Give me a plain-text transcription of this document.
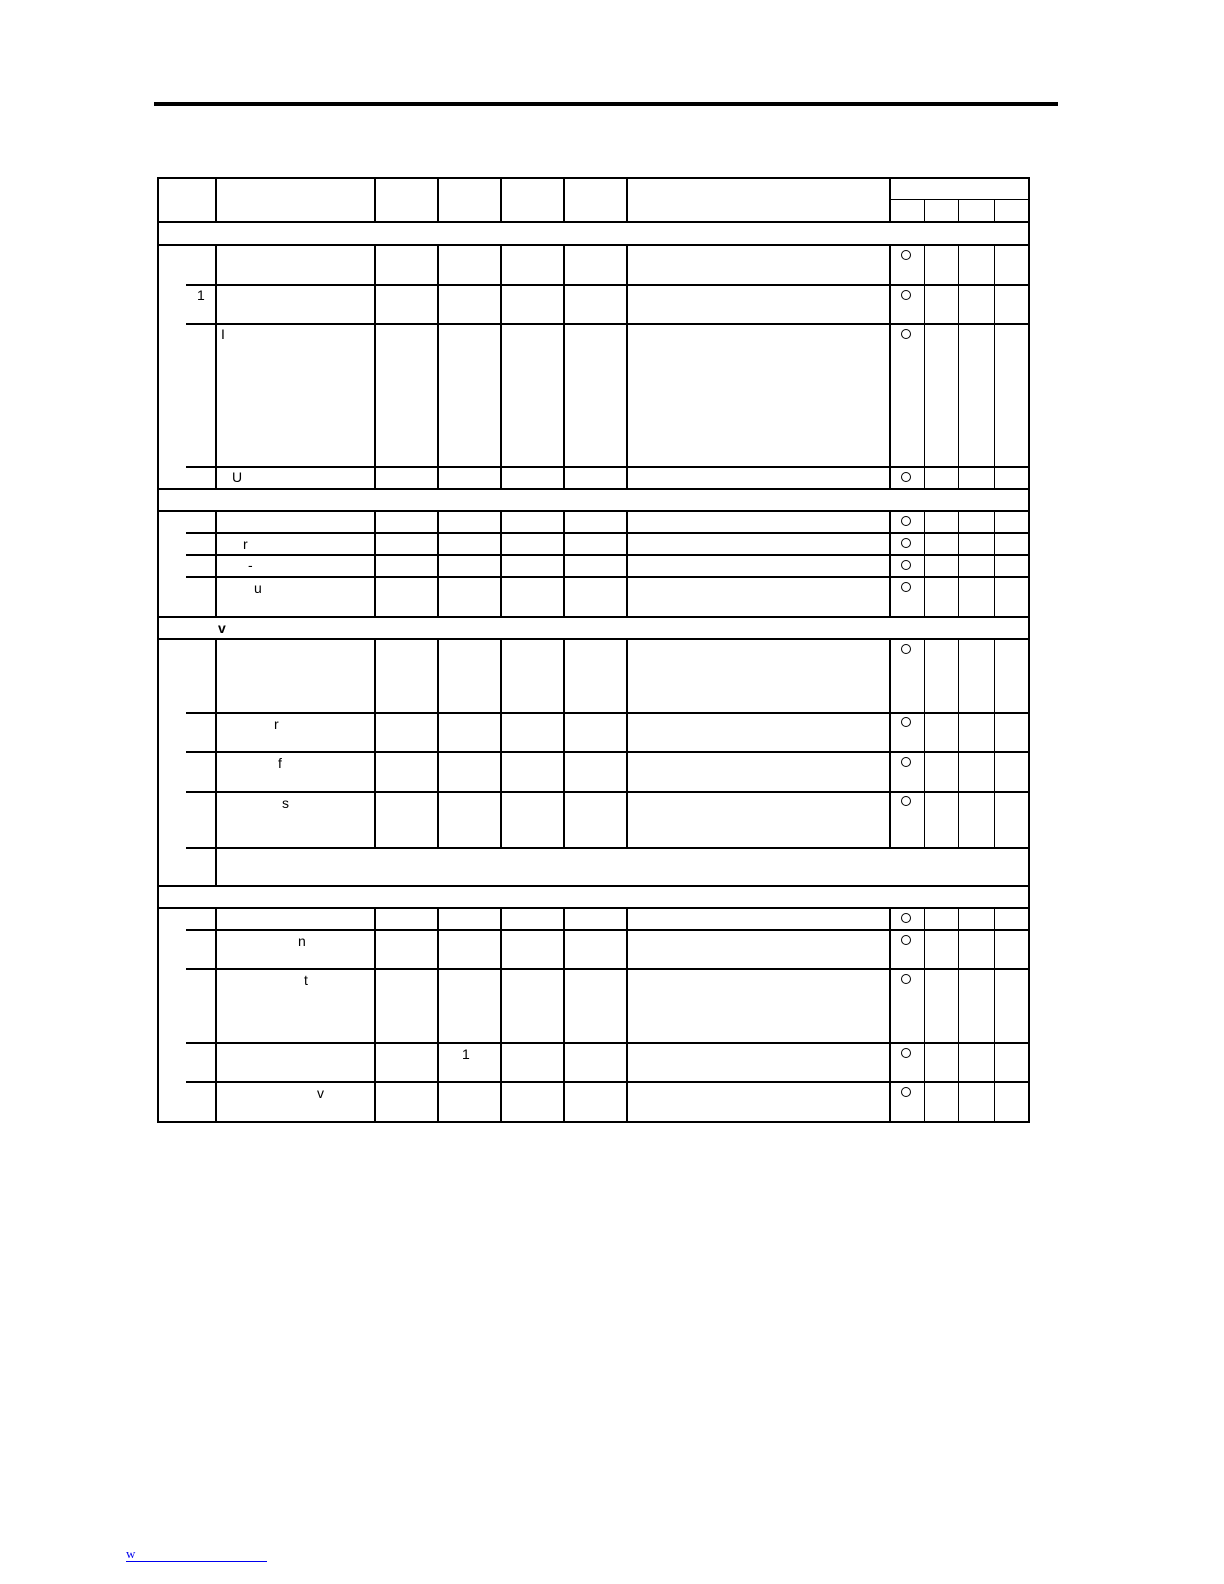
1
I
U
r
-
u
v
r
f
s
n
t
1
v
w
